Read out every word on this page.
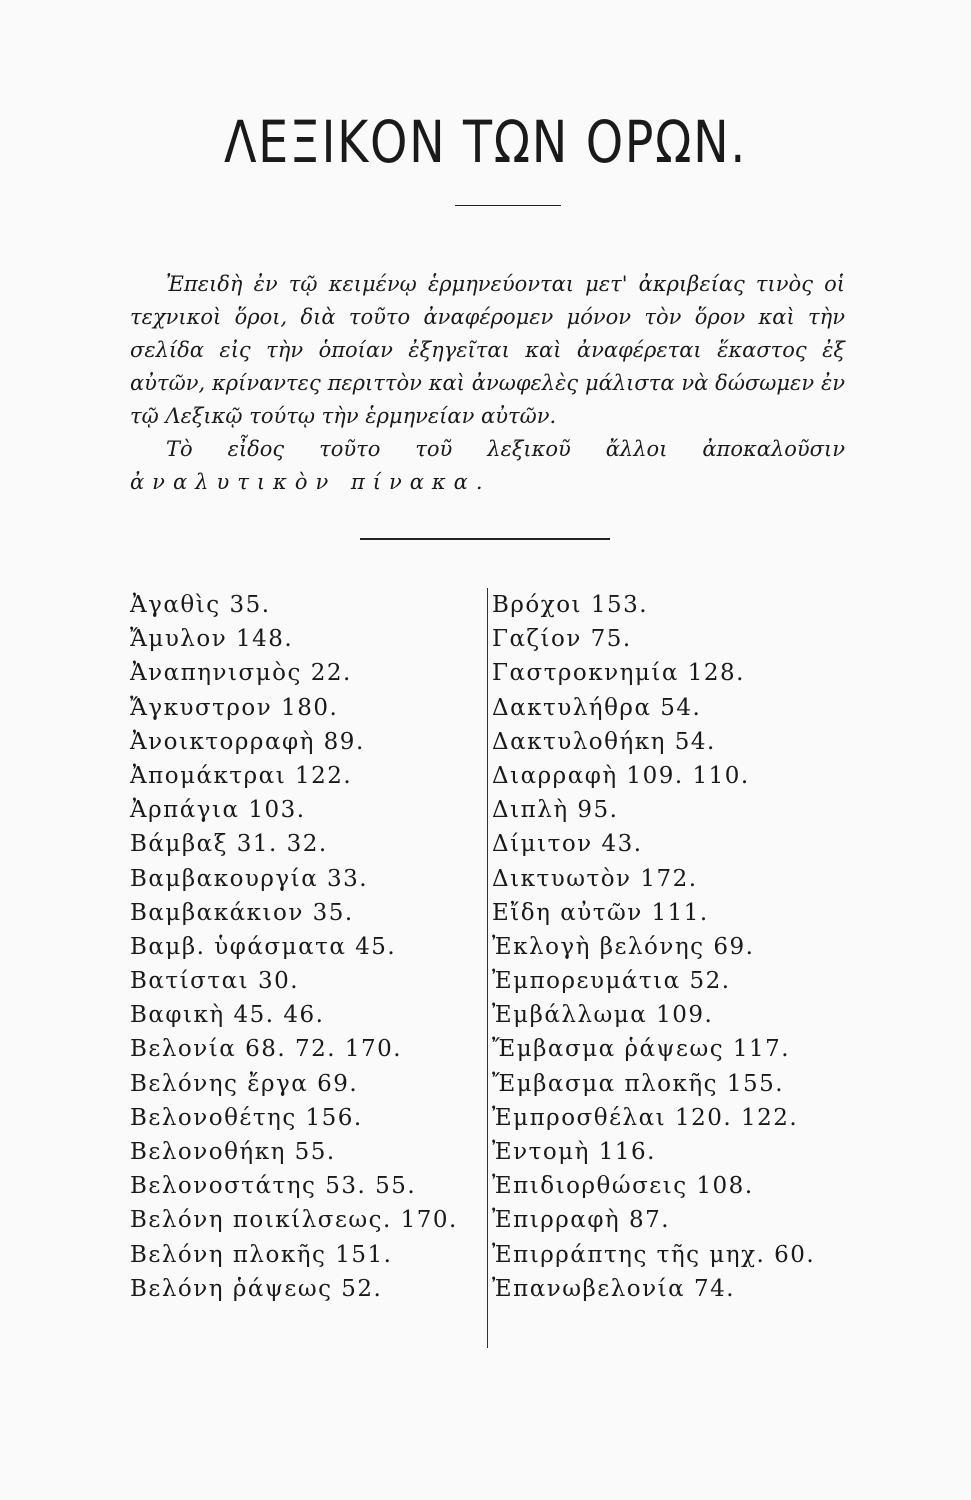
ΛΕΞΙΚΟΝ ΤΩΝ ΟΡΩΝ.

Ἐπειδὴ ἐν τῷ κειμένῳ ἑρμηνεύονται μετ' ἀκριβείας τινὸς οἱ τεχνικοὶ ὅροι, διὰ τοῦτο ἀναφέρομεν μόνον τὸν ὅρον καὶ τὴν σελίδα εἰς τὴν ὁποίαν ἐξηγεῖται καὶ ἀναφέρεται ἕκαστος ἐξ αὐτῶν, κρίναντες περιττὸν καὶ ἀνωφελὲς μάλιστα νὰ δώσωμεν ἐν τῷ Λεξικῷ τούτῳ τὴν ἑρμηνείαν αὐτῶν.

Τὸ εἶδος τοῦτο τοῦ λεξικοῦ ἄλλοι ἀποκαλοῦσιν ἀναλυτικὸν πίνακα.

Ἀγαθὶς 35.
Ἄμυλον 148.
Ἀναπηνισμὸς 22.
Ἄγκυστρον 180.
Ἀνοικτορραφὴ 89.
Ἀπομάκτραι 122.
Ἀρπάγια 103.
Βάμβαξ 31. 32.
Βαμβακουργία 33.
Βαμβακάκιον 35.
Βαμβ. ὑφάσματα 45.
Βατίσται 30.
Βαφικὴ 45. 46.
Βελονία 68. 72. 170.
Βελόνης ἔργα 69.
Βελονοθέτης 156.
Βελονοθήκη 55.
Βελονοστάτης 53. 55.
Βελόνη ποικίλσεως. 170.
Βελόνη πλοκῆς 151.
Βελόνη ῥάψεως 52.
Βρόχοι 153.
Γαζίον 75.
Γαστροκνημία 128.
Δακτυλήθρα 54.
Δακτυλοθήκη 54.
Διαρραφὴ 109. 110.
Διπλὴ 95.
Δίμιτον 43.
Δικτυωτὸν 172.
Εἴδη αὐτῶν 111.
Ἐκλογὴ βελόνης 69.
Ἐμπορευμάτια 52.
Ἐμβάλλωμα 109.
Ἔμβασμα ῥάψεως 117.
Ἔμβασμα πλοκῆς 155.
Ἐμπροσθέλαι 120. 122.
Ἐντομὴ 116.
Ἐπιδιορθώσεις 108.
Ἐπιρραφὴ 87.
Ἐπιρράπτης τῆς μηχ. 60.
Ἐπανωβελονία 74.
